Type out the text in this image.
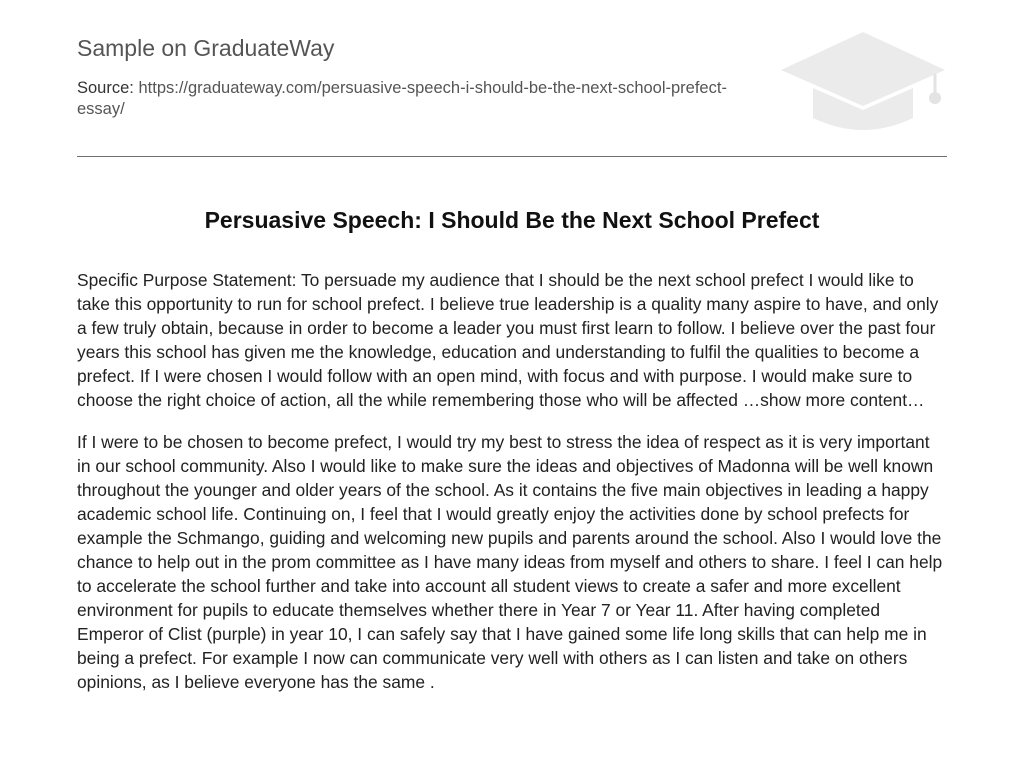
Sample on GraduateWay
Source: https://graduateway.com/persuasive-speech-i-should-be-the-next-school-prefect-essay/
Persuasive Speech: I Should Be the Next School Prefect

Specific Purpose Statement: To persuade my audience that I should be the next school prefect I would like to take this opportunity to run for school prefect. I believe true leadership is a quality many aspire to have, and only a few truly obtain, because in order to become a leader you must first learn to follow. I believe over the past four years this school has given me the knowledge, education and understanding to fulfil the qualities to become a prefect. If I were chosen I would follow with an open mind, with focus and with purpose. I would make sure to choose the right choice of action, all the while remembering those who will be affected …show more content…

If I were to be chosen to become prefect, I would try my best to stress the idea of respect as it is very important in our school community. Also I would like to make sure the ideas and objectives of Madonna will be well known throughout the younger and older years of the school. As it contains the five main objectives in leading a happy academic school life. Continuing on, I feel that I would greatly enjoy the activities done by school prefects for example the Schmango, guiding and welcoming new pupils and parents around the school. Also I would love the chance to help out in the prom committee as I have many ideas from myself and others to share. I feel I can help to accelerate the school further and take into account all student views to create a safer and more excellent environment for pupils to educate themselves whether there in Year 7 or Year 11. After having completed Emperor of Clist (purple) in year 10, I can safely say that I have gained some life long skills that can help me in being a prefect. For example I now can communicate very well with others as I can listen and take on others opinions, as I believe everyone has the same .
